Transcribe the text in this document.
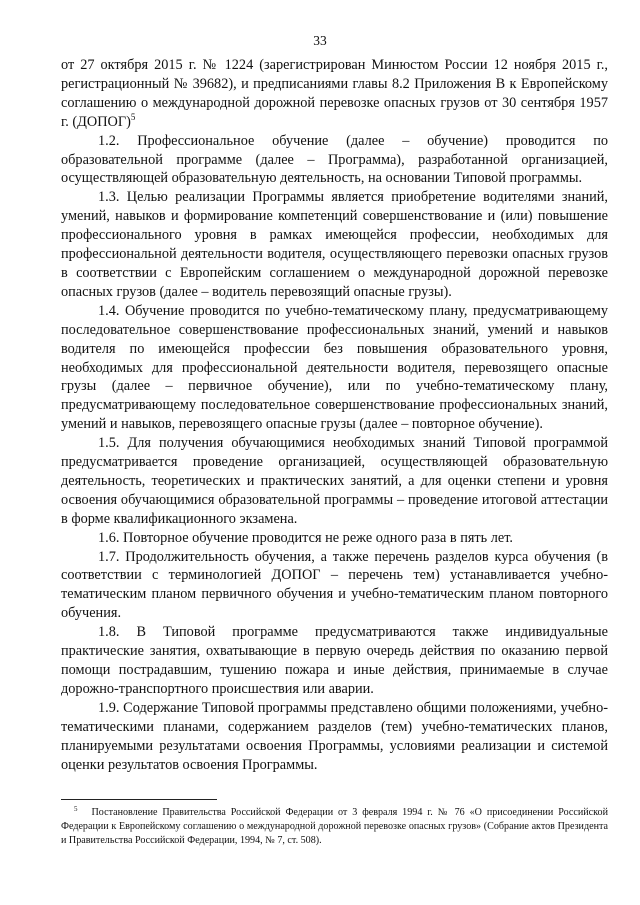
33

от 27 октября 2015 г. № 1224 (зарегистрирован Минюстом России 12 ноября 2015 г., регистрационный № 39682), и предписаниями главы 8.2 Приложения В к Европейскому соглашению о международной дорожной перевозке опасных грузов от 30 сентября 1957 г. (ДОПОГ)$^5$

1.2. Профессиональное обучение (далее – обучение) проводится по образовательной программе (далее – Программа), разработанной организацией, осуществляющей образовательную деятельность, на основании Типовой программы.

1.3. Целью реализации Программы является приобретение водителями знаний, умений, навыков и формирование компетенций совершенствование и (или) повышение профессионального уровня в рамках имеющейся профессии, необходимых для профессиональной деятельности водителя, осуществляющего перевозки опасных грузов в соответствии с Европейским соглашением о международной дорожной перевозке опасных грузов (далее – водитель перевозящий опасные грузы).

1.4. Обучение проводится по учебно-тематическому плану, предусматривающему последовательное совершенствование профессиональных знаний, умений и навыков водителя по имеющейся профессии без повышения образовательного уровня, необходимых для профессиональной деятельности водителя, перевозящего опасные грузы (далее – первичное обучение), или по учебно-тематическому плану, предусматривающему последовательное совершенствование профессиональных знаний, умений и навыков, перевозящего опасные грузы (далее – повторное обучение).

1.5. Для получения обучающимися необходимых знаний Типовой программой предусматривается проведение организацией, осуществляющей образовательную деятельность, теоретических и практических занятий, а для оценки степени и уровня освоения обучающимися образовательной программы – проведение итоговой аттестации в форме квалификационного экзамена.

1.6. Повторное обучение проводится не реже одного раза в пять лет.

1.7. Продолжительность обучения, а также перечень разделов курса обучения (в соответствии с терминологией ДОПОГ – перечень тем) устанавливается учебно-тематическим планом первичного обучения и учебно-тематическим планом повторного обучения.

1.8. В Типовой программе предусматриваются также индивидуальные практические занятия, охватывающие в первую очередь действия по оказанию первой помощи пострадавшим, тушению пожара и иные действия, принимаемые в случае дорожно-транспортного происшествия или аварии.

1.9. Содержание Типовой программы представлено общими положениями, учебно-тематическими планами, содержанием разделов (тем) учебно-тематических планов, планируемыми результатами освоения Программы, условиями реализации и системой оценки результатов освоения Программы.

$^5$ Постановление Правительства Российской Федерации от 3 февраля 1994 г. № 76 «О присоединении Российской Федерации к Европейскому соглашению о международной дорожной перевозке опасных грузов» (Собрание актов Президента и Правительства Российской Федерации, 1994, № 7, ст. 508).
